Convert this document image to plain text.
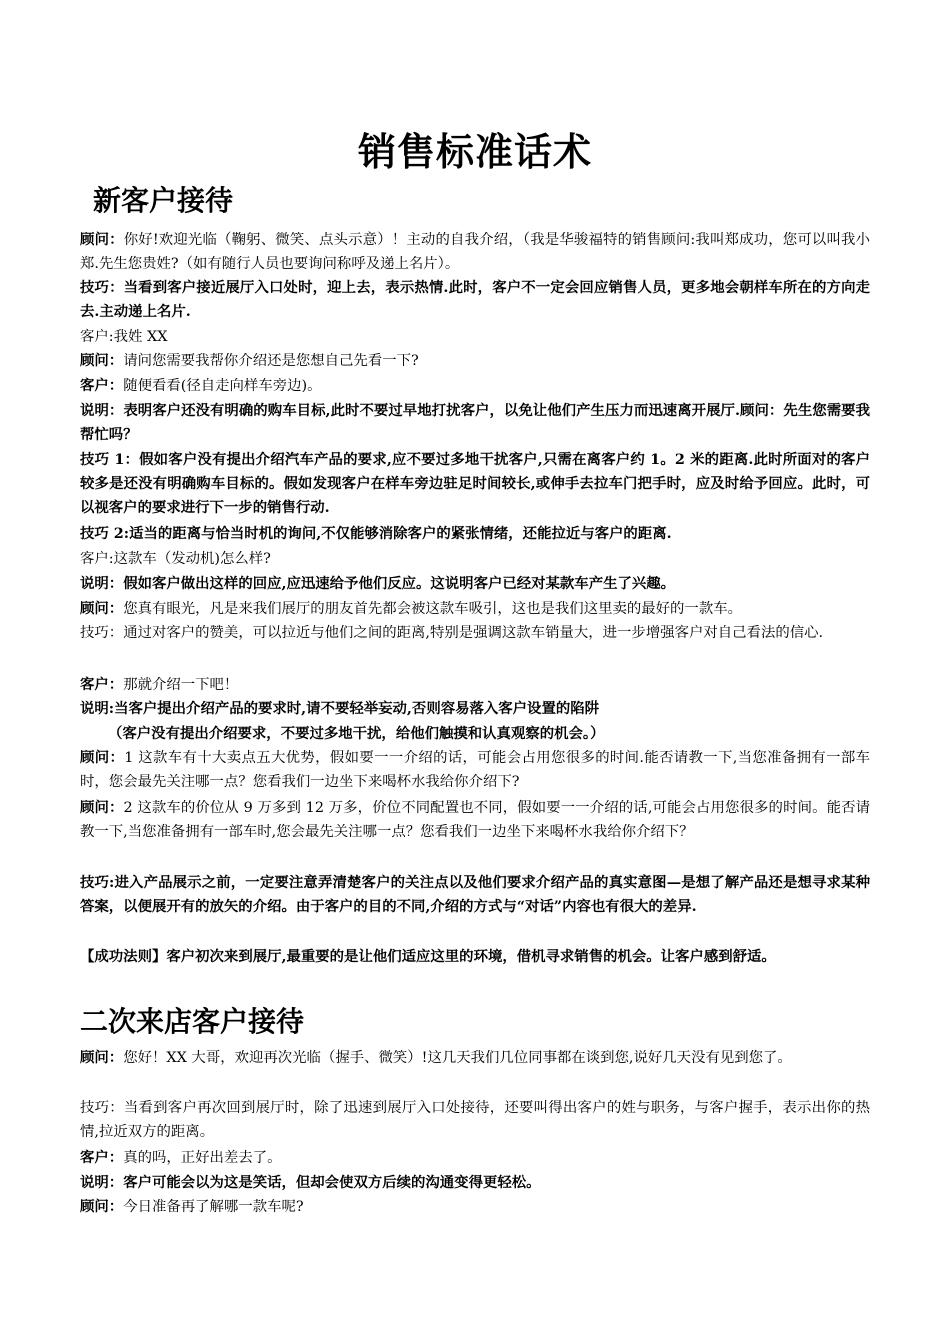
销售标准话术
新客户接待
顾问：你好!欢迎光临（鞠躬、微笑、点头示意）！主动的自我介绍，（我是华骏福特的销售顾问:我叫郑成功，您可以叫我小郑.先生您贵姓?（如有随行人员也要询问称呼及递上名片）。
技巧：当看到客户接近展厅入口处时，迎上去，表示热情.此时，客户不一定会回应销售人员，更多地会朝样车所在的方向走去.主动递上名片.
客户:我姓 XX
顾问：请问您需要我帮你介绍还是您想自己先看一下?
客户：随便看看(径自走向样车旁边)。
说明：表明客户还没有明确的购车目标,此时不要过早地打扰客户，以免让他们产生压力而迅速离开展厅.顾问：先生您需要我帮忙吗？
技巧 1：假如客户没有提出介绍汽车产品的要求,应不要过多地干扰客户,只需在离客户约 1。2 米的距离.此时所面对的客户较多是还没有明确购车目标的。假如发现客户在样车旁边驻足时间较长,或伸手去拉车门把手时，应及时给予回应。此时，可以视客户的要求进行下一步的销售行动.
技巧 2:适当的距离与恰当时机的询问,不仅能够消除客户的紧张情绪，还能拉近与客户的距离.
客户:这款车（发动机)怎么样?
说明：假如客户做出这样的回应,应迅速给予他们反应。这说明客户已经对某款车产生了兴趣。
顾问：您真有眼光，凡是来我们展厅的朋友首先都会被这款车吸引，这也是我们这里卖的最好的一款车。
技巧：通过对客户的赞美，可以拉近与他们之间的距离,特别是强调这款车销量大，进一步增强客户对自己看法的信心.
客户：那就介绍一下吧！
说明:当客户提出介绍产品的要求时,请不要轻举妄动,否则容易落入客户设置的陷阱
（客户没有提出介绍要求，不要过多地干扰，给他们触摸和认真观察的机会。）
顾问：1 这款车有十大卖点五大优势，假如要一一介绍的话，可能会占用您很多的时间.能否请教一下,当您准备拥有一部车时，您会最先关注哪一点？您看我们一边坐下来喝杯水我给你介绍下?
顾问：2 这款车的价位从 9 万多到 12 万多，价位不同配置也不同，假如要一一介绍的话,可能会占用您很多的时间。能否请教一下,当您准备拥有一部车时,您会最先关注哪一点？您看我们一边坐下来喝杯水我给你介绍下？
技巧:进入产品展示之前，一定要注意弄清楚客户的关注点以及他们要求介绍产品的真实意图—是想了解产品还是想寻求某种答案，以便展开有的放矢的介绍。由于客户的目的不同,介绍的方式与“对话”内容也有很大的差异.
【成功法则】客户初次来到展厅,最重要的是让他们适应这里的环境，借机寻求销售的机会。让客户感到舒适。
二次来店客户接待
顾问：您好！XX 大哥，欢迎再次光临（握手、微笑）!这几天我们几位同事都在谈到您,说好几天没有见到您了。
技巧：当看到客户再次回到展厅时，除了迅速到展厅入口处接待，还要叫得出客户的姓与职务，与客户握手，表示出你的热情,拉近双方的距离。
客户：真的吗，正好出差去了。
说明：客户可能会以为这是笑话，但却会使双方后续的沟通变得更轻松。
顾问：今日准备再了解哪一款车呢?
